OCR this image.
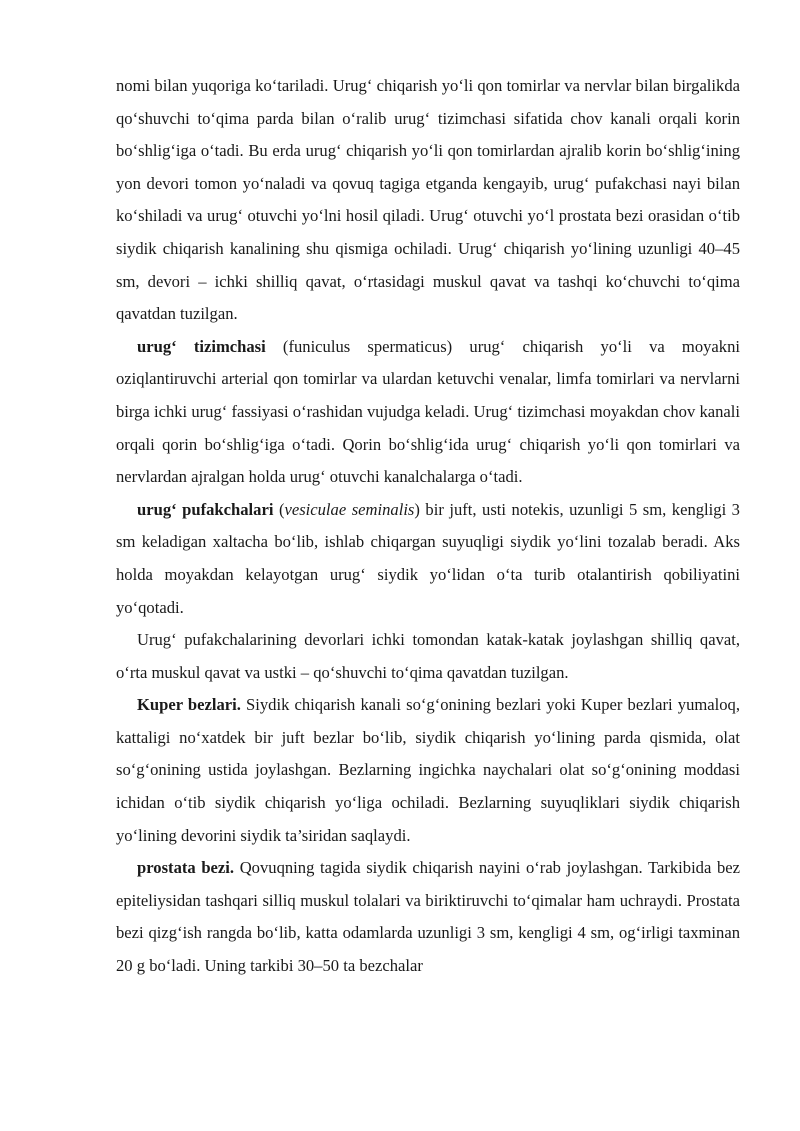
nomi bilan yuqoriga koʻtariladi. Urugʻ chiqarish yoʻli qon tomirlar va nervlar bilan birgalikda qoʻshuvchi toʻqima parda bilan oʻralib urugʻ tizimchasi sifatida chov kanali orqali korin boʻshligʻiga oʻtadi. Bu erda urugʻ chiqarish yoʻli qon tomirlardan ajralib korin boʻshligʻining yon devori tomon yoʻnaladi va qovuq tagiga etganda kengayib, urugʻ pufakchasi nayi bilan koʻshiladi va urugʻ otuvchi yoʻlni hosil qiladi. Urugʻ otuvchi yoʻl prostata bezi orasidan oʻtib siydik chiqarish kanalining shu qismiga ochiladi. Urugʻ chiqarish yoʻlining uzunligi 40–45 sm, devori – ichki shilliq qavat, oʻrtasidagi muskul qavat va tashqi koʻchuvchi toʻqima qavatdan tuzilgan.

urugʻ tizimchasi (funiculus spermaticus) urugʻ chiqarish yoʻli va moyakni oziqlantiruvchi arterial qon tomirlar va ulardan ketuvchi venalar, limfa tomirlari va nervlarni birga ichki urugʻ fassiyasi oʻrashidan vujudga keladi. Urugʻ tizimchasi moyakdan chov kanali orqali qorin boʻshligʻiga oʻtadi. Qorin boʻshligʻida urugʻ chiqarish yoʻli qon tomirlari va nervlardan ajralgan holda urugʻ otuvchi kanalchalarga oʻtadi.

urugʻ pufakchalari (vesiculae seminalis) bir juft, usti notekis, uzunligi 5 sm, kengligi 3 sm keladigan xaltacha boʻlib, ishlab chiqargan suyuqligi siydik yoʻlini tozalab beradi. Aks holda moyakdan kelayotgan urugʻ siydik yoʻlidan oʻta turib otalantirish qobiliyatini yoʻqotadi.

Urugʻ pufakchalarining devorlari ichki tomondan katak-katak joylashgan shilliq qavat, oʻrta muskul qavat va ustki – qoʻshuvchi toʻqima qavatdan tuzilgan.

Kuper bezlari. Siydik chiqarish kanali soʻgʻonining bezlari yoki Kuper bezlari yumaloq, kattaligi noʻxatdek bir juft bezlar boʻlib, siydik chiqarish yoʻlining parda qismida, olat soʻgʻonining ustida joylashgan. Bezlarning ingichka naychalari olat soʻgʻonining moddasi ichidan oʻtib siydik chiqarish yoʻliga ochiladi. Bezlarning suyuqliklari siydik chiqarish yoʻlining devorini siydik ta’siridan saqlaydi.

prostata bezi. Qovuqning tagida siydik chiqarish nayini oʻrab joylashgan. Tarkibida bez epiteliysidan tashqari silliq muskul tolalari va biriktiruvchi toʻqimalar ham uchraydi. Prostata bezi qizgʻish rangda boʻlib, katta odamlarda uzunligi 3 sm, kengligi 4 sm, ogʻirligi taxminan 20 g boʻladi. Uning tarkibi 30–50 ta bezchalar
